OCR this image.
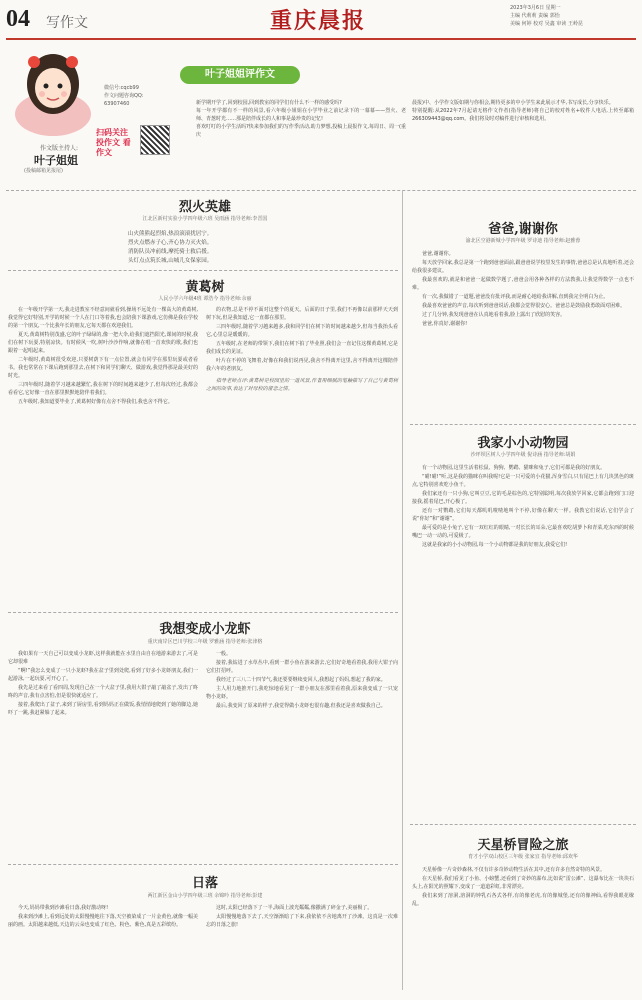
04 写作文	重庆晨报	2023年3月6日 星期一
主编 代莉莉 责编 郭怡
美编 何婷 校对 吴鑫 审读 王岭昆
微信号:cqcb99
作文问题咨询QQ:
63907460
扫码关注 投作文 看作文
作文版主持人:
叶子姐姐
(投稿邮箱见报尾)
叶子姐姐评作文
新学期开学了,回到校园,回到教室的同学们有什么不一样的感受吗?
每一年开学都有不一样的风景,看六年级小姐姐在小学毕业之前记录下的一幕幕——烈火、老师、青葱时光……那是陪伴成长的人和事是最珍贵的记忆!
喜欢叮叮的小学生活吗?快来参加我们的写作季活动,助力梦想,投稿上晨报作文,每周日、周一(重庆
晨报)中、小学作文版如期与你相会,期待更多的中小学生来此展示才华,书写成长,分享快乐。
特别提醒:从2022年7月起请无格作文作者(指导老师)将自己的校对姓名+收件人电话,上传至邮箱266309443@qq.com。我们将及时对稿件进行审核和选用。
烈火英雄
江北区新村实验小学四年级六班 吴雨涵 指导老师:李晋国
山火熊熊起烈焰,热浪滚滚扰居宁。
烈火点燃赤子心,齐心协力灭火焰。
消防队员冲前线,摩托骑士救后援。
头灯点点筑长城,山城儿女保家园。
黄葛树
人民小学六年级4班 谭浩今 指导老师:余丽

在一年级开学第一天,我走进教室不经意间就看到,操场不远处有一棵高大的黄葛树,我觉得它好特别,开学的时候一个人在门口等着我,也会陪我下课游戏,它仿佛是我在学校的第一个朋友,一个比我年长的朋友,它每天都在欢迎我们。

夏天,黄葛树特别茂盛,它的叶子绿绿的,像一把大伞,给我们遮挡阳光,课间的时候,我们在树下玩耍,特别凉快。有时候风一吹,树叶沙沙作响,就像在唱一首欢快的歌,我们也跟着一起唱起来。

二年级时,黄葛树很受欢迎,只要树荫下有一点位置,就会有同学在那里玩耍或者看书。我也常常在下课后跑到那里去,在树下和同学们聊天、做游戏,我觉得那是最美好的时光。

三四年级时,随着学习越来越繁忙,我在树下的时间越来越少了,但每次经过,我都会看看它,它好像一直在那里默默地陪伴着我们。

五年级时,我知道要毕业了,黄葛树好像有点舍不得我们,我也舍不得它。

的衣物,总是不停不面对这整个的夏天。后面的日子里,我们不再像以前那样天天到树下玩,但是我知道,它一直都在那里。

三四年级时,随着学习越来越多,我和同学们在树下的时间越来越少,但每当我抬头看它,心里总是暖暖的。

五年级时,在老师的带领下,我们在树下拍了毕业照,我们会一直记住这棵黄葛树,它是我们成长的见证。

叶片在不停的飞舞着,好像在和我们说再见,我舍不得离开这里,舍不得离开这棵陪伴我六年的老朋友。

指导老师点评:黄葛树是校园里的一道风景,作者用细腻的笔触描写了自己与黄葛树之间的故事,表达了对母校的留恋之情。

我想变成小龙虾
重庆南岸区巴川学校三年级 罗雅涵 指导老师:张津格

我如果有一天自己可以变成小龙虾,这样我就能在水里自由自在地游来游去了,可是它却很难

“啊!”我怎么变成了一只小龙虾?我在盆子里到处爬,看到了好多小龙虾朋友,我们一起游泳,一起玩耍,可开心了。

我先是过来看了看四周,发现自己在一个大盆子里,我用大钳子敲了敲盆子,发出了咚咚的声音,我有点害怕,但是很快就适应了。

接着,我爬出了盆子,来到了厨房里,看到妈妈正在做饭,我悄悄地爬到了她的脚边,她吓了一跳,我赶紧躲了起来。

一般。

接着,我钻进了水草丛中,看到一群小鱼在游来游去,它们好奇地看着我,我用大钳子向它们打招呼。

我经过了三八二十四节气,我还要要继续变回人,我想起了妈妈,想起了我的家。

主人用力地推开门,我吃惊地看见了一群小朋友在那里看着我,原来我变成了一只宠物小龙虾。

最后,我变回了原来的样子,我觉得做小龙虾也很有趣,但我还是喜欢做我自己。

日落
两江新区金山小学四年级三班 余锦吟 指导老师:彭建

今天,妈妈带我到沙滩看日落,我好激动呀!

我来到沙滩上,看到远处的太阳慢慢地往下落,天空被染成了一片金黄色,就像一幅美丽的画。太阳越来越低,天边的云朵也变成了红色、粉色、紫色,真是五彩缤纷。

这时,太阳已经落下了一半,海面上波光粼粼,像撒满了碎金子,美丽极了。

太阳慢慢地落下去了,天空渐渐暗了下来,我依依不舍地离开了沙滩。这真是一次难忘的日落之旅!

爸爸,谢谢你
渝北区空港新城小学四年级 罗诗迪 指导老师:赵雅蓉

爸爸,谢谢你。

每天放学回家,我总是第一个跑到爸爸面前,跟爸爸说学校里发生的事情,爸爸总是认真地听着,还会给我很多建议。

我最喜欢的,就是和爸爸一起做数学题了,爸爸会用各种各样的方法教我,让我觉得数学一点也不难。

有一次,我做错了一道题,爸爸没有批评我,而是耐心地给我讲解,直到我完全明白为止。

我最喜欢爸爸的声音,每次听到爸爸说话,我都会觉得很安心。爸爸总是鼓励我勇敢面对困难。

过了几分钟,我发现爸爸在认真地看着我,脸上露出了欣慰的笑容。

爸爸,你真好,谢谢你!

我家小小动物园
沙坪坝区树人小学四年级 倪诗涵 指导老师:胡娟

有一个动物园,这里生活着松鼠、狗狗、鹦鹉、猫咪和兔子,它们可都是我的好朋友。

“喵!喵!”听,这是我的猫咪在叫我呢!它是一只可爱的小花猫,浑身雪白,只有尾巴上有几块黑色的斑点,它特别喜欢吃小鱼干。

我们家还有一只小狗,它叫豆豆,它的毛是棕色的,它特别聪明,每次我放学回家,它都会跑到门口迎接我,摇着尾巴,开心极了。

还有一对鹦鹉,它们每天都叽叽喳喳地叫个不停,好像在聊天一样。我教它们说话,它们学会了说“你好”和“谢谢”。

最可爱的是小兔子,它有一双红红的眼睛,一对长长的耳朵,它最喜欢吃胡萝卜和青菜,吃东西的时候嘴巴一动一动的,可爱极了。

这就是我家的小小动物园,每一个小动物都是我的好朋友,我爱它们!

天星桥冒险之旅
育才小学双山校区三年级 张家宜 指导老师:邱欢华

天星桥像一片奇妙森林,不仅有许多奇妙动物生活在其中,还有许多自然奇特的风景。

在天星桥,我们看见了小鱼、小螃蟹,还看到了奇妙的瀑布,比如说“雷公滩”、这瀑布比在一块块石头上,在阳光的照耀下,变成了一道道彩虹,非常漂亮。

我们来到了溶洞,溶洞的钟乳石各式各样,有的像老虎,有的像城堡,还有的像神仙,看得我眼花缭乱。
